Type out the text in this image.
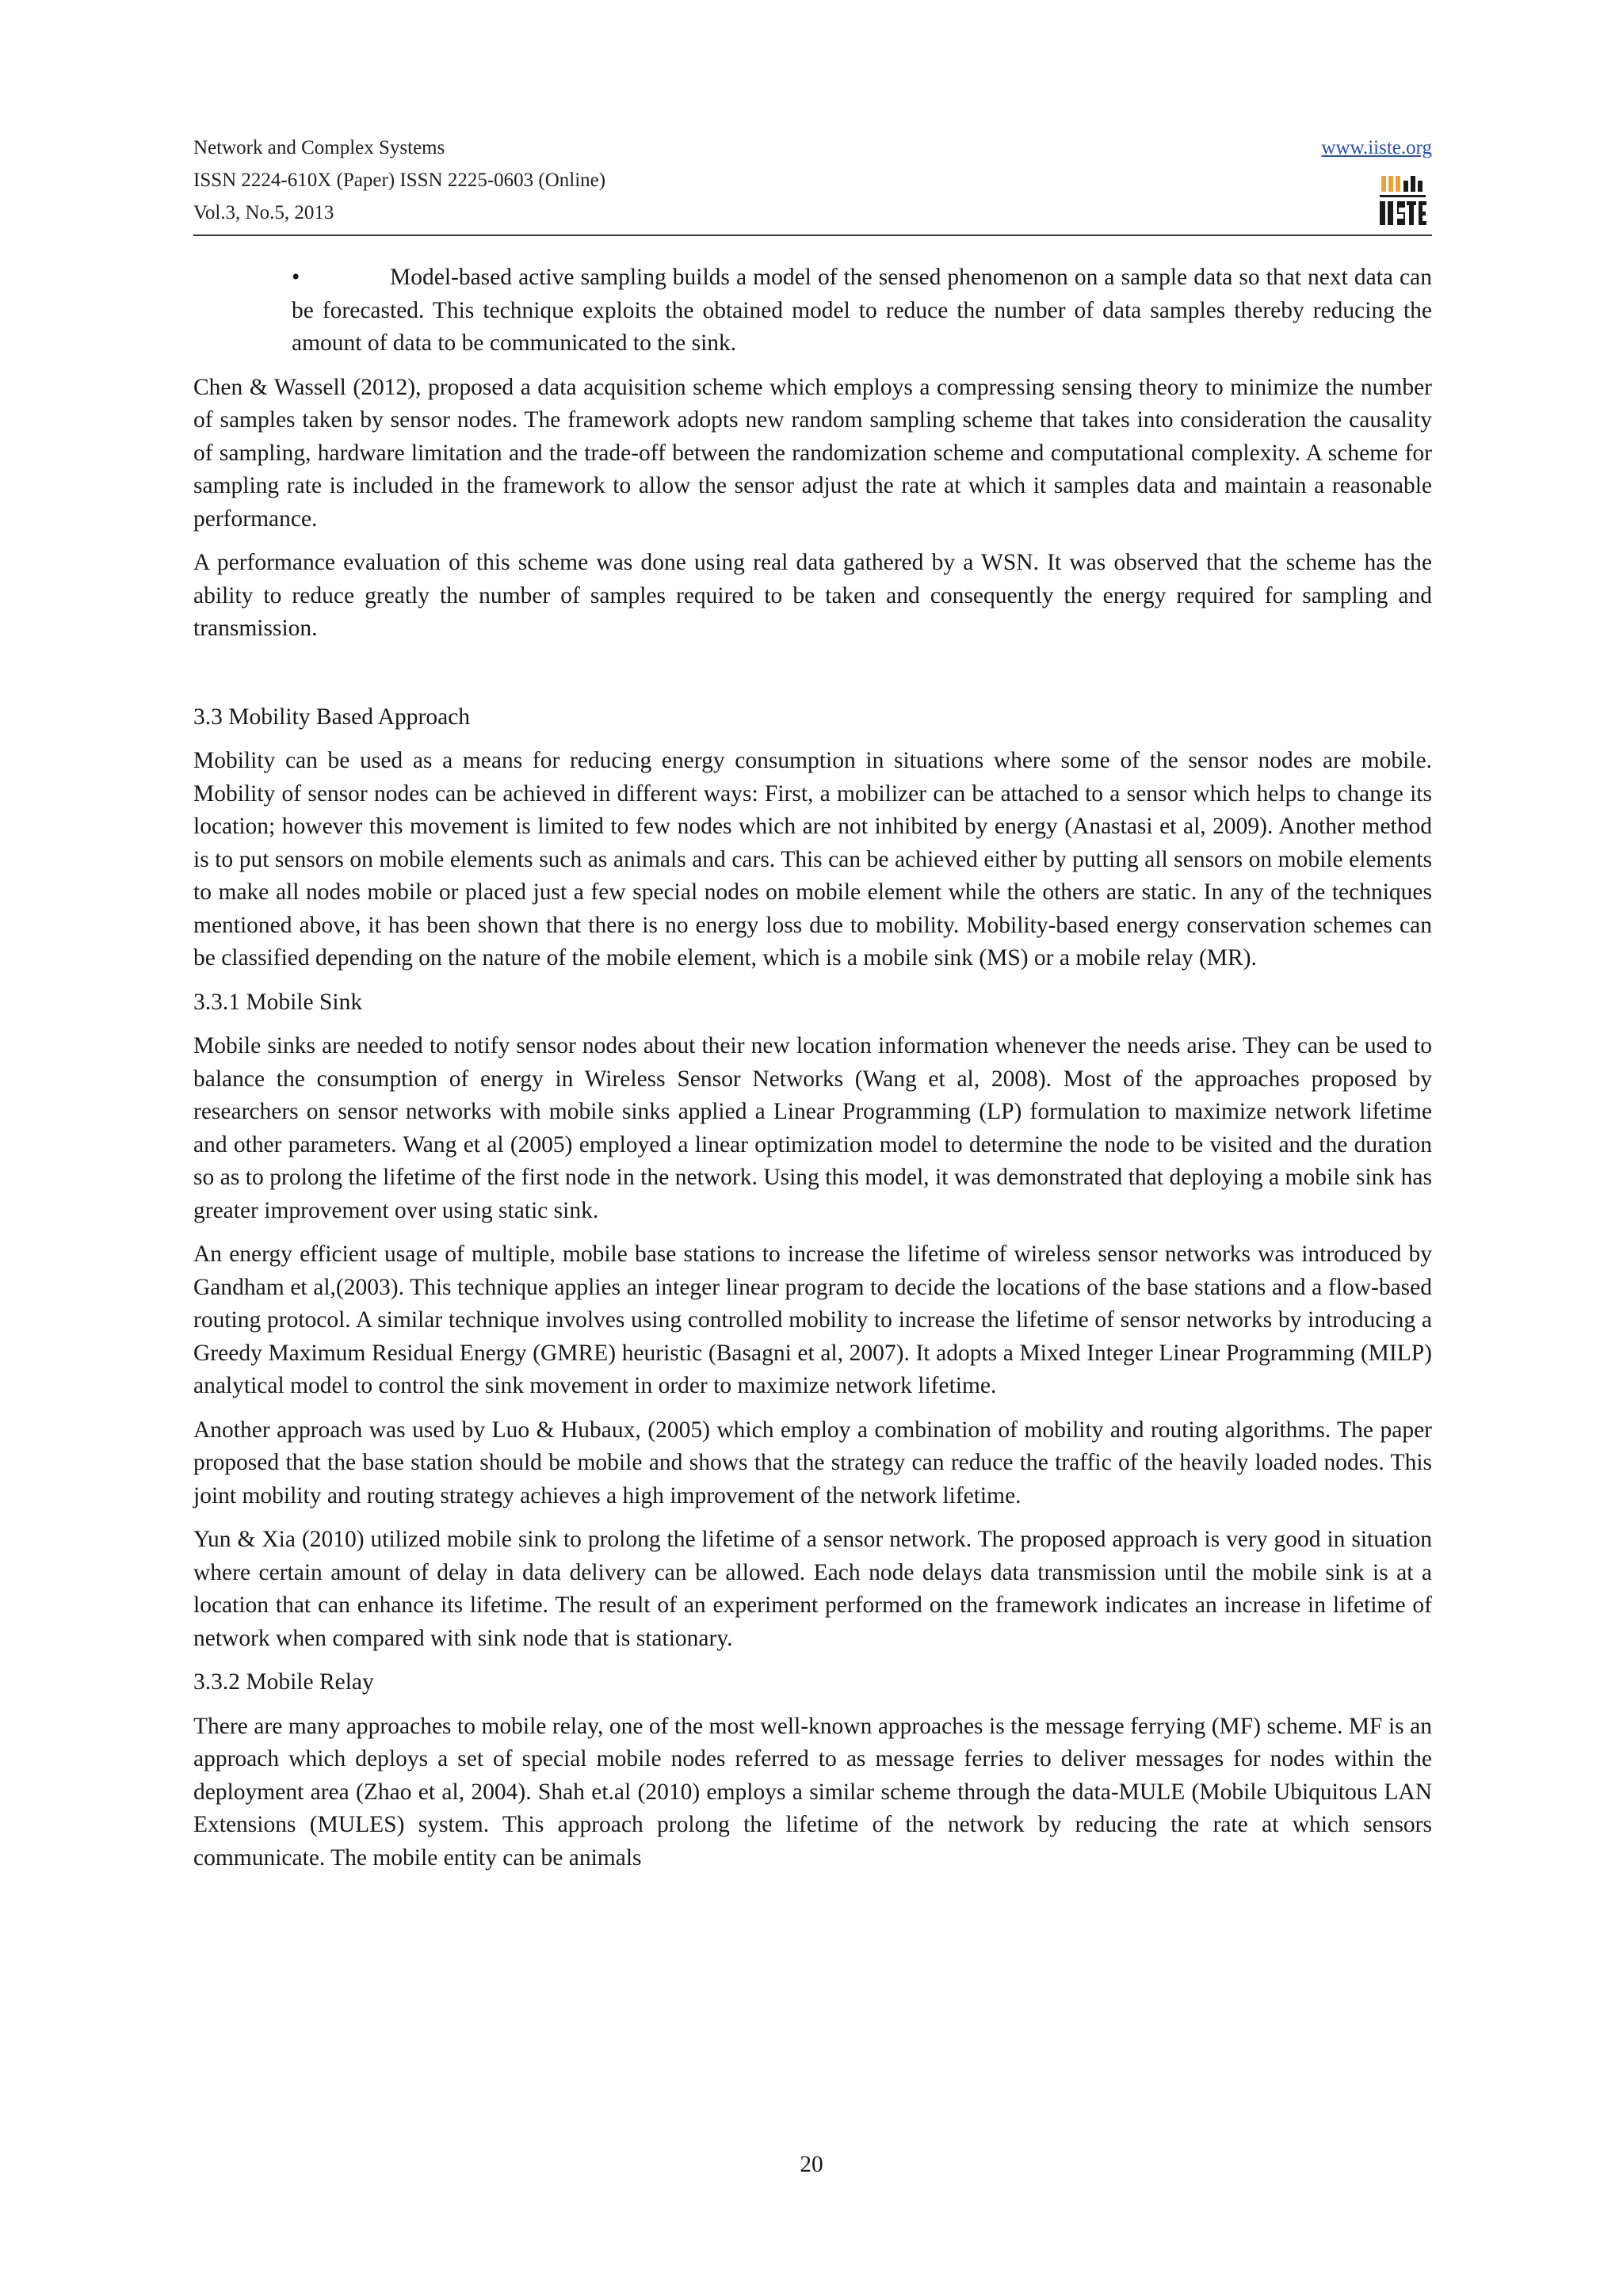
Network and Complex Systems
ISSN 2224-610X (Paper) ISSN 2225-0603 (Online)
Vol.3, No.5, 2013
www.iiste.org
•	Model-based active sampling builds a model of the sensed phenomenon on a sample data so that next data can be forecasted. This technique exploits the obtained model to reduce the number of data samples thereby reducing the amount of data to be communicated to the sink.

Chen & Wassell (2012), proposed a data acquisition scheme which employs a compressing sensing theory to minimize the number of samples taken by sensor nodes. The framework adopts new random sampling scheme that takes into consideration the causality of sampling, hardware limitation and the trade-off between the randomization scheme and computational complexity. A scheme for sampling rate is included in the framework to allow the sensor adjust the rate at which it samples data and maintain a reasonable performance.

A performance evaluation of this scheme was done using real data gathered by a WSN. It was observed that the scheme has the ability to reduce greatly the number of samples required to be taken and consequently the energy required for sampling and transmission.

3.3 Mobility Based Approach

Mobility can be used as a means for reducing energy consumption in situations where some of the sensor nodes are mobile. Mobility of sensor nodes can be achieved in different ways: First, a mobilizer can be attached to a sensor which helps to change its location; however this movement is limited to few nodes which are not inhibited by energy (Anastasi et al, 2009). Another method is to put sensors on mobile elements such as animals and cars. This can be achieved either by putting all sensors on mobile elements to make all nodes mobile or placed just a few special nodes on mobile element while the others are static. In any of the techniques mentioned above, it has been shown that there is no energy loss due to mobility. Mobility-based energy conservation schemes can be classified depending on the nature of the mobile element, which is a mobile sink (MS) or a mobile relay (MR).

3.3.1 Mobile Sink

Mobile sinks are needed to notify sensor nodes about their new location information whenever the needs arise. They can be used to balance the consumption of energy in Wireless Sensor Networks (Wang et al, 2008). Most of the approaches proposed by researchers on sensor networks with mobile sinks applied a Linear Programming (LP) formulation to maximize network lifetime and other parameters. Wang et al (2005) employed a linear optimization model to determine the node to be visited and the duration so as to prolong the lifetime of the first node in the network. Using this model, it was demonstrated that deploying a mobile sink has greater improvement over using static sink.

An energy efficient usage of multiple, mobile base stations to increase the lifetime of wireless sensor networks was introduced by Gandham et al,(2003). This technique applies an integer linear program to decide the locations of the base stations and a flow-based routing protocol. A similar technique involves using controlled mobility to increase the lifetime of sensor networks by introducing a Greedy Maximum Residual Energy (GMRE) heuristic (Basagni et al, 2007). It adopts a Mixed Integer Linear Programming (MILP) analytical model to control the sink movement in order to maximize network lifetime.

Another approach was used by Luo & Hubaux, (2005) which employ a combination of mobility and routing algorithms. The paper proposed that the base station should be mobile and shows that the strategy can reduce the traffic of the heavily loaded nodes. This joint mobility and routing strategy achieves a high improvement of the network lifetime.

Yun & Xia (2010) utilized mobile sink to prolong the lifetime of a sensor network. The proposed approach is very good in situation where certain amount of delay in data delivery can be allowed. Each node delays data transmission until the mobile sink is at a location that can enhance its lifetime. The result of an experiment performed on the framework indicates an increase in lifetime of network when compared with sink node that is stationary.

3.3.2 Mobile Relay

There are many approaches to mobile relay, one of the most well-known approaches is the message ferrying (MF) scheme. MF is an approach which deploys a set of special mobile nodes referred to as message ferries to deliver messages for nodes within the deployment area (Zhao et al, 2004). Shah et.al (2010) employs a similar scheme through the data-MULE (Mobile Ubiquitous LAN Extensions (MULES) system. This approach prolong the lifetime of the network by reducing the rate at which sensors communicate. The mobile entity can be animals

20
